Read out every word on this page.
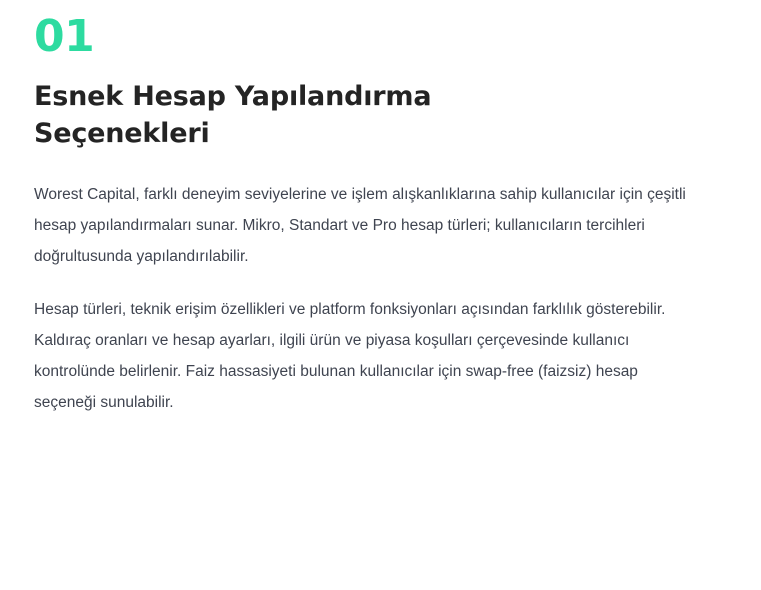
01
Esnek Hesap Yapılandırma Seçenekleri

Worest Capital, farklı deneyim seviyelerine ve işlem alışkanlıklarına sahip kullanıcılar için çeşitli hesap yapılandırmaları sunar. Mikro, Standart ve Pro hesap türleri; kullanıcıların tercihleri doğrultusunda yapılandırılabilir.

Hesap türleri, teknik erişim özellikleri ve platform fonksiyonları açısından farklılık gösterebilir. Kaldıraç oranları ve hesap ayarları, ilgili ürün ve piyasa koşulları çerçevesinde kullanıcı kontrolünde belirlenir. Faiz hassasiyeti bulunan kullanıcılar için swap-free (faizsiz) hesap seçeneği sunulabilir.
